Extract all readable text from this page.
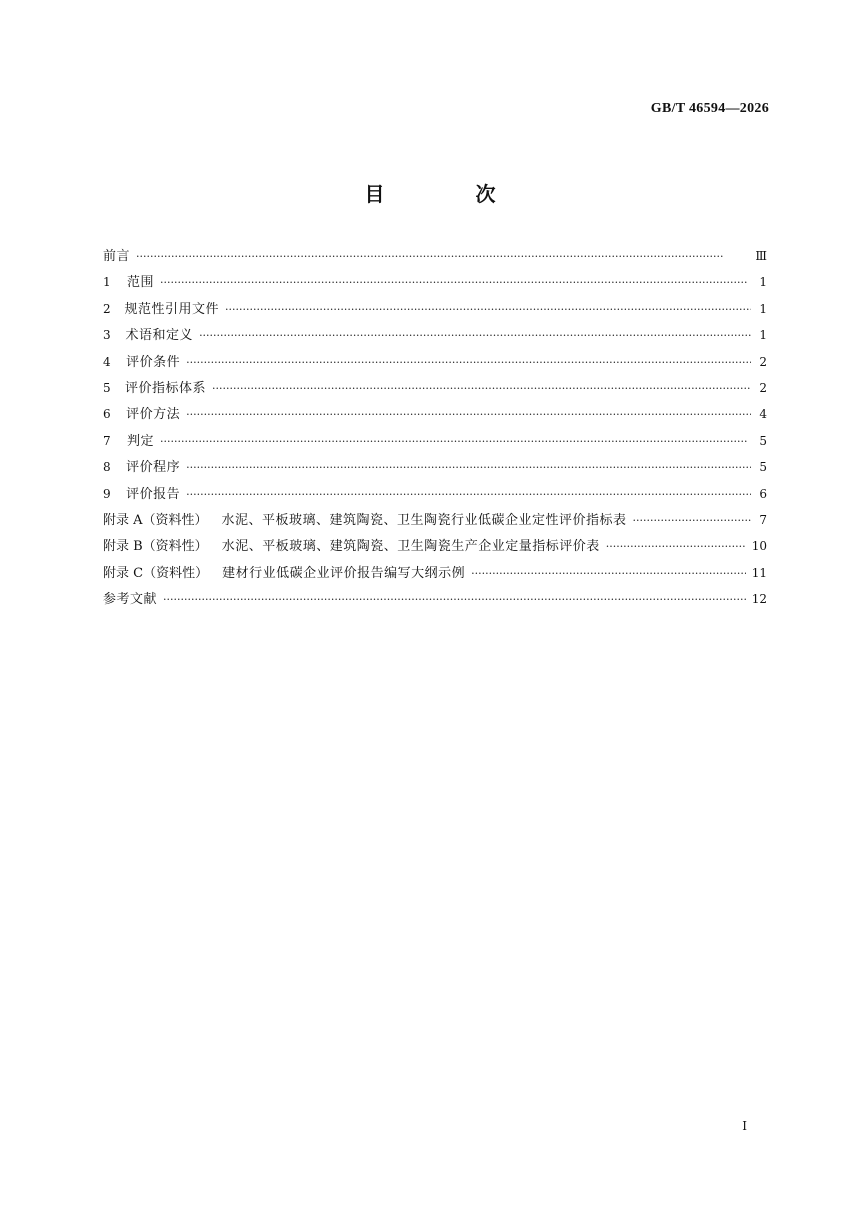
GB/T 46594—2026
目 次
前言 ·····	Ⅲ
1	范围 ·····	1
2	规范性引用文件 ·····	1
3	术语和定义 ·····	1
4	评价条件 ·····	2
5	评价指标体系 ·····	2
6	评价方法 ·····	4
7	判定 ·····	5
8	评价程序 ·····	5
9	评价报告 ·····	6
附录 A（资料性） 水泥、平板玻璃、建筑陶瓷、卫生陶瓷行业低碳企业定性评价指标表 ·····	7
附录 B（资料性） 水泥、平板玻璃、建筑陶瓷、卫生陶瓷生产企业定量指标评价表 ·····	10
附录 C（资料性） 建材行业低碳企业评价报告编写大纲示例 ·····	11
参考文献 ·····	12
Ⅰ
